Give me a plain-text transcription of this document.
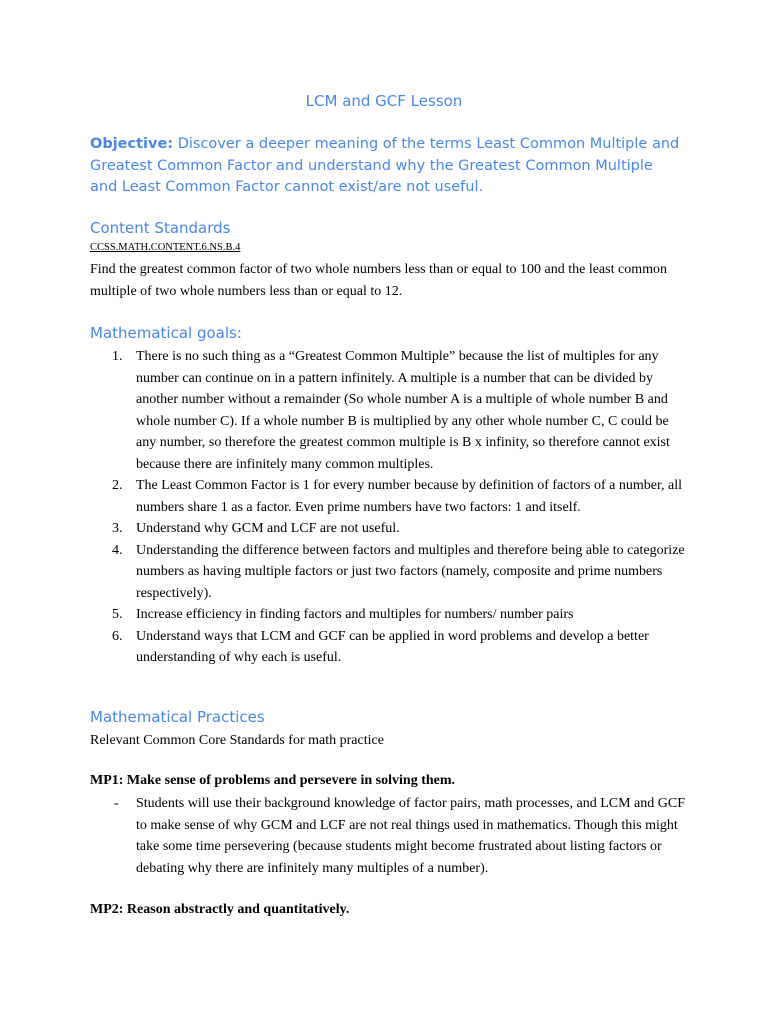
LCM and GCF Lesson
Objective: Discover a deeper meaning of the terms Least Common Multiple and Greatest Common Factor and understand why the Greatest Common Multiple and Least Common Factor cannot exist/are not useful.
Content Standards
CCSS.MATH.CONTENT.6.NS.B.4
Find the greatest common factor of two whole numbers less than or equal to 100 and the least common multiple of two whole numbers less than or equal to 12.
Mathematical goals:
1. There is no such thing as a “Greatest Common Multiple” because the list of multiples for any number can continue on in a pattern infinitely. A multiple is a number that can be divided by another number without a remainder (So whole number A is a multiple of whole number B and whole number C). If a whole number B is multiplied by any other whole number C, C could be any number, so therefore the greatest common multiple is B x infinity, so therefore cannot exist because there are infinitely many common multiples.
2. The Least Common Factor is 1 for every number because by definition of factors of a number, all numbers share 1 as a factor. Even prime numbers have two factors: 1 and itself.
3. Understand why GCM and LCF are not useful.
4. Understanding the difference between factors and multiples and therefore being able to categorize numbers as having multiple factors or just two factors (namely, composite and prime numbers respectively).
5. Increase efficiency in finding factors and multiples for numbers/ number pairs
6. Understand ways that LCM and GCF can be applied in word problems and develop a better understanding of why each is useful.
Mathematical Practices
Relevant Common Core Standards for math practice
MP1: Make sense of problems and persevere in solving them.
- Students will use their background knowledge of factor pairs, math processes, and LCM and GCF to make sense of why GCM and LCF are not real things used in mathematics. Though this might take some time persevering (because students might become frustrated about listing factors or debating why there are infinitely many multiples of a number).
MP2: Reason abstractly and quantitatively.
